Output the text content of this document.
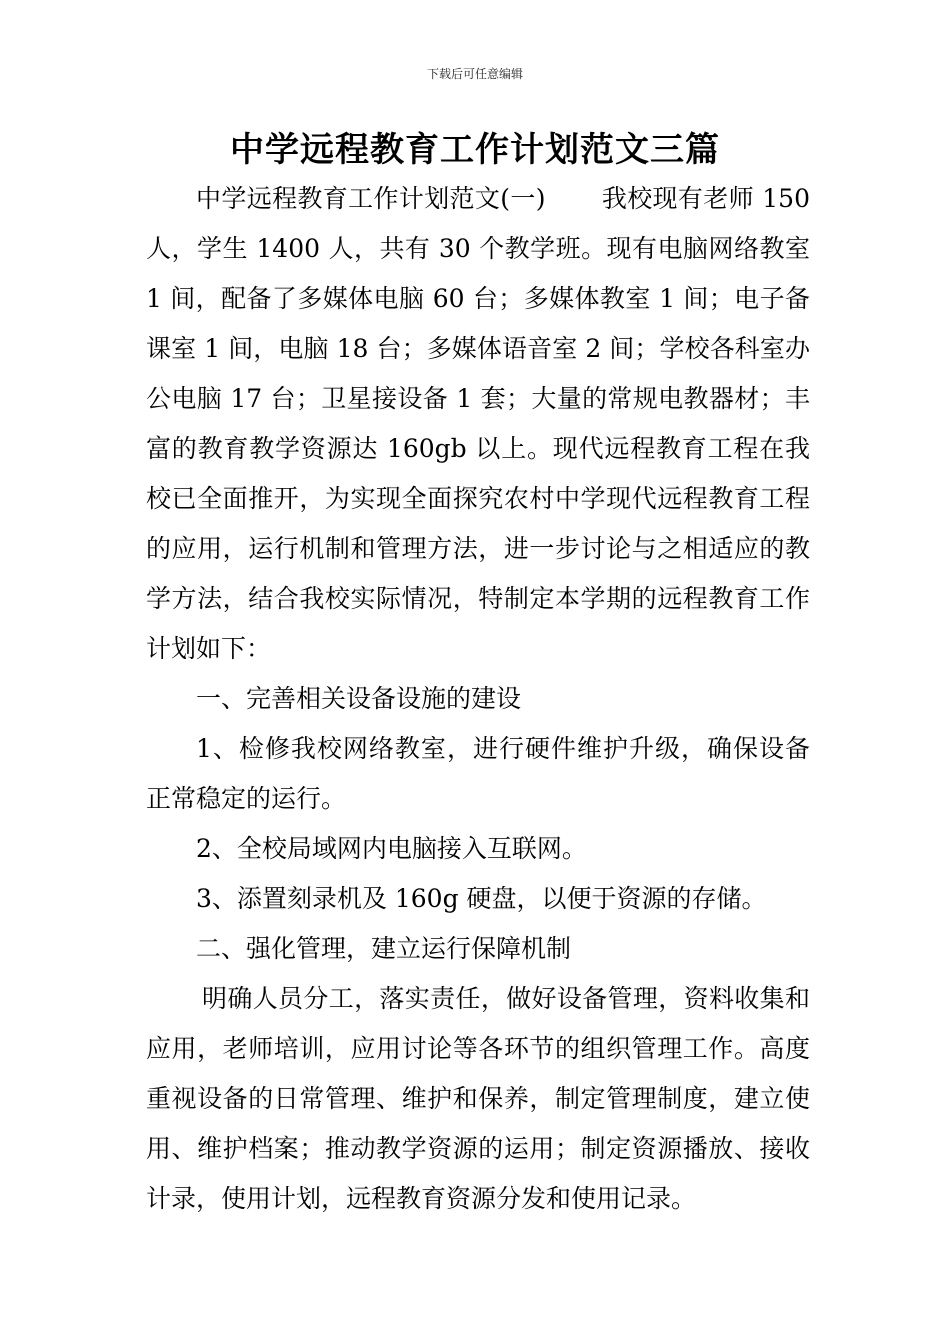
下载后可任意编辑
中学远程教育工作计划范文三篇

中学远程教育工作计划范文(一) 我校现有老师 150 人，学生 1400 人，共有 30 个教学班。现有电脑网络教室 1 间，配备了多媒体电脑 60 台；多媒体教室 1 间；电子备课室 1 间，电脑 18 台；多媒体语音室 2 间；学校各科室办公电脑 17 台；卫星接设备 1 套；大量的常规电教器材；丰富的教育教学资源达 160gb 以上。现代远程教育工程在我校已全面推开，为实现全面探究农村中学现代远程教育工程的应用，运行机制和管理方法，进一步讨论与之相适应的教学方法，结合我校实际情况，特制定本学期的远程教育工作计划如下：

一、完善相关设备设施的建设

1、检修我校网络教室，进行硬件维护升级，确保设备正常稳定的运行。

2、全校局域网内电脑接入互联网。

3、添置刻录机及 160g 硬盘，以便于资源的存储。

二、强化管理，建立运行保障机制

明确人员分工，落实责任，做好设备管理，资料收集和应用，老师培训，应用讨论等各环节的组织管理工作。高度重视设备的日常管理、维护和保养，制定管理制度，建立使用、维护档案；推动教学资源的运用；制定资源播放、接收计录，使用计划，远程教育资源分发和使用记录。
